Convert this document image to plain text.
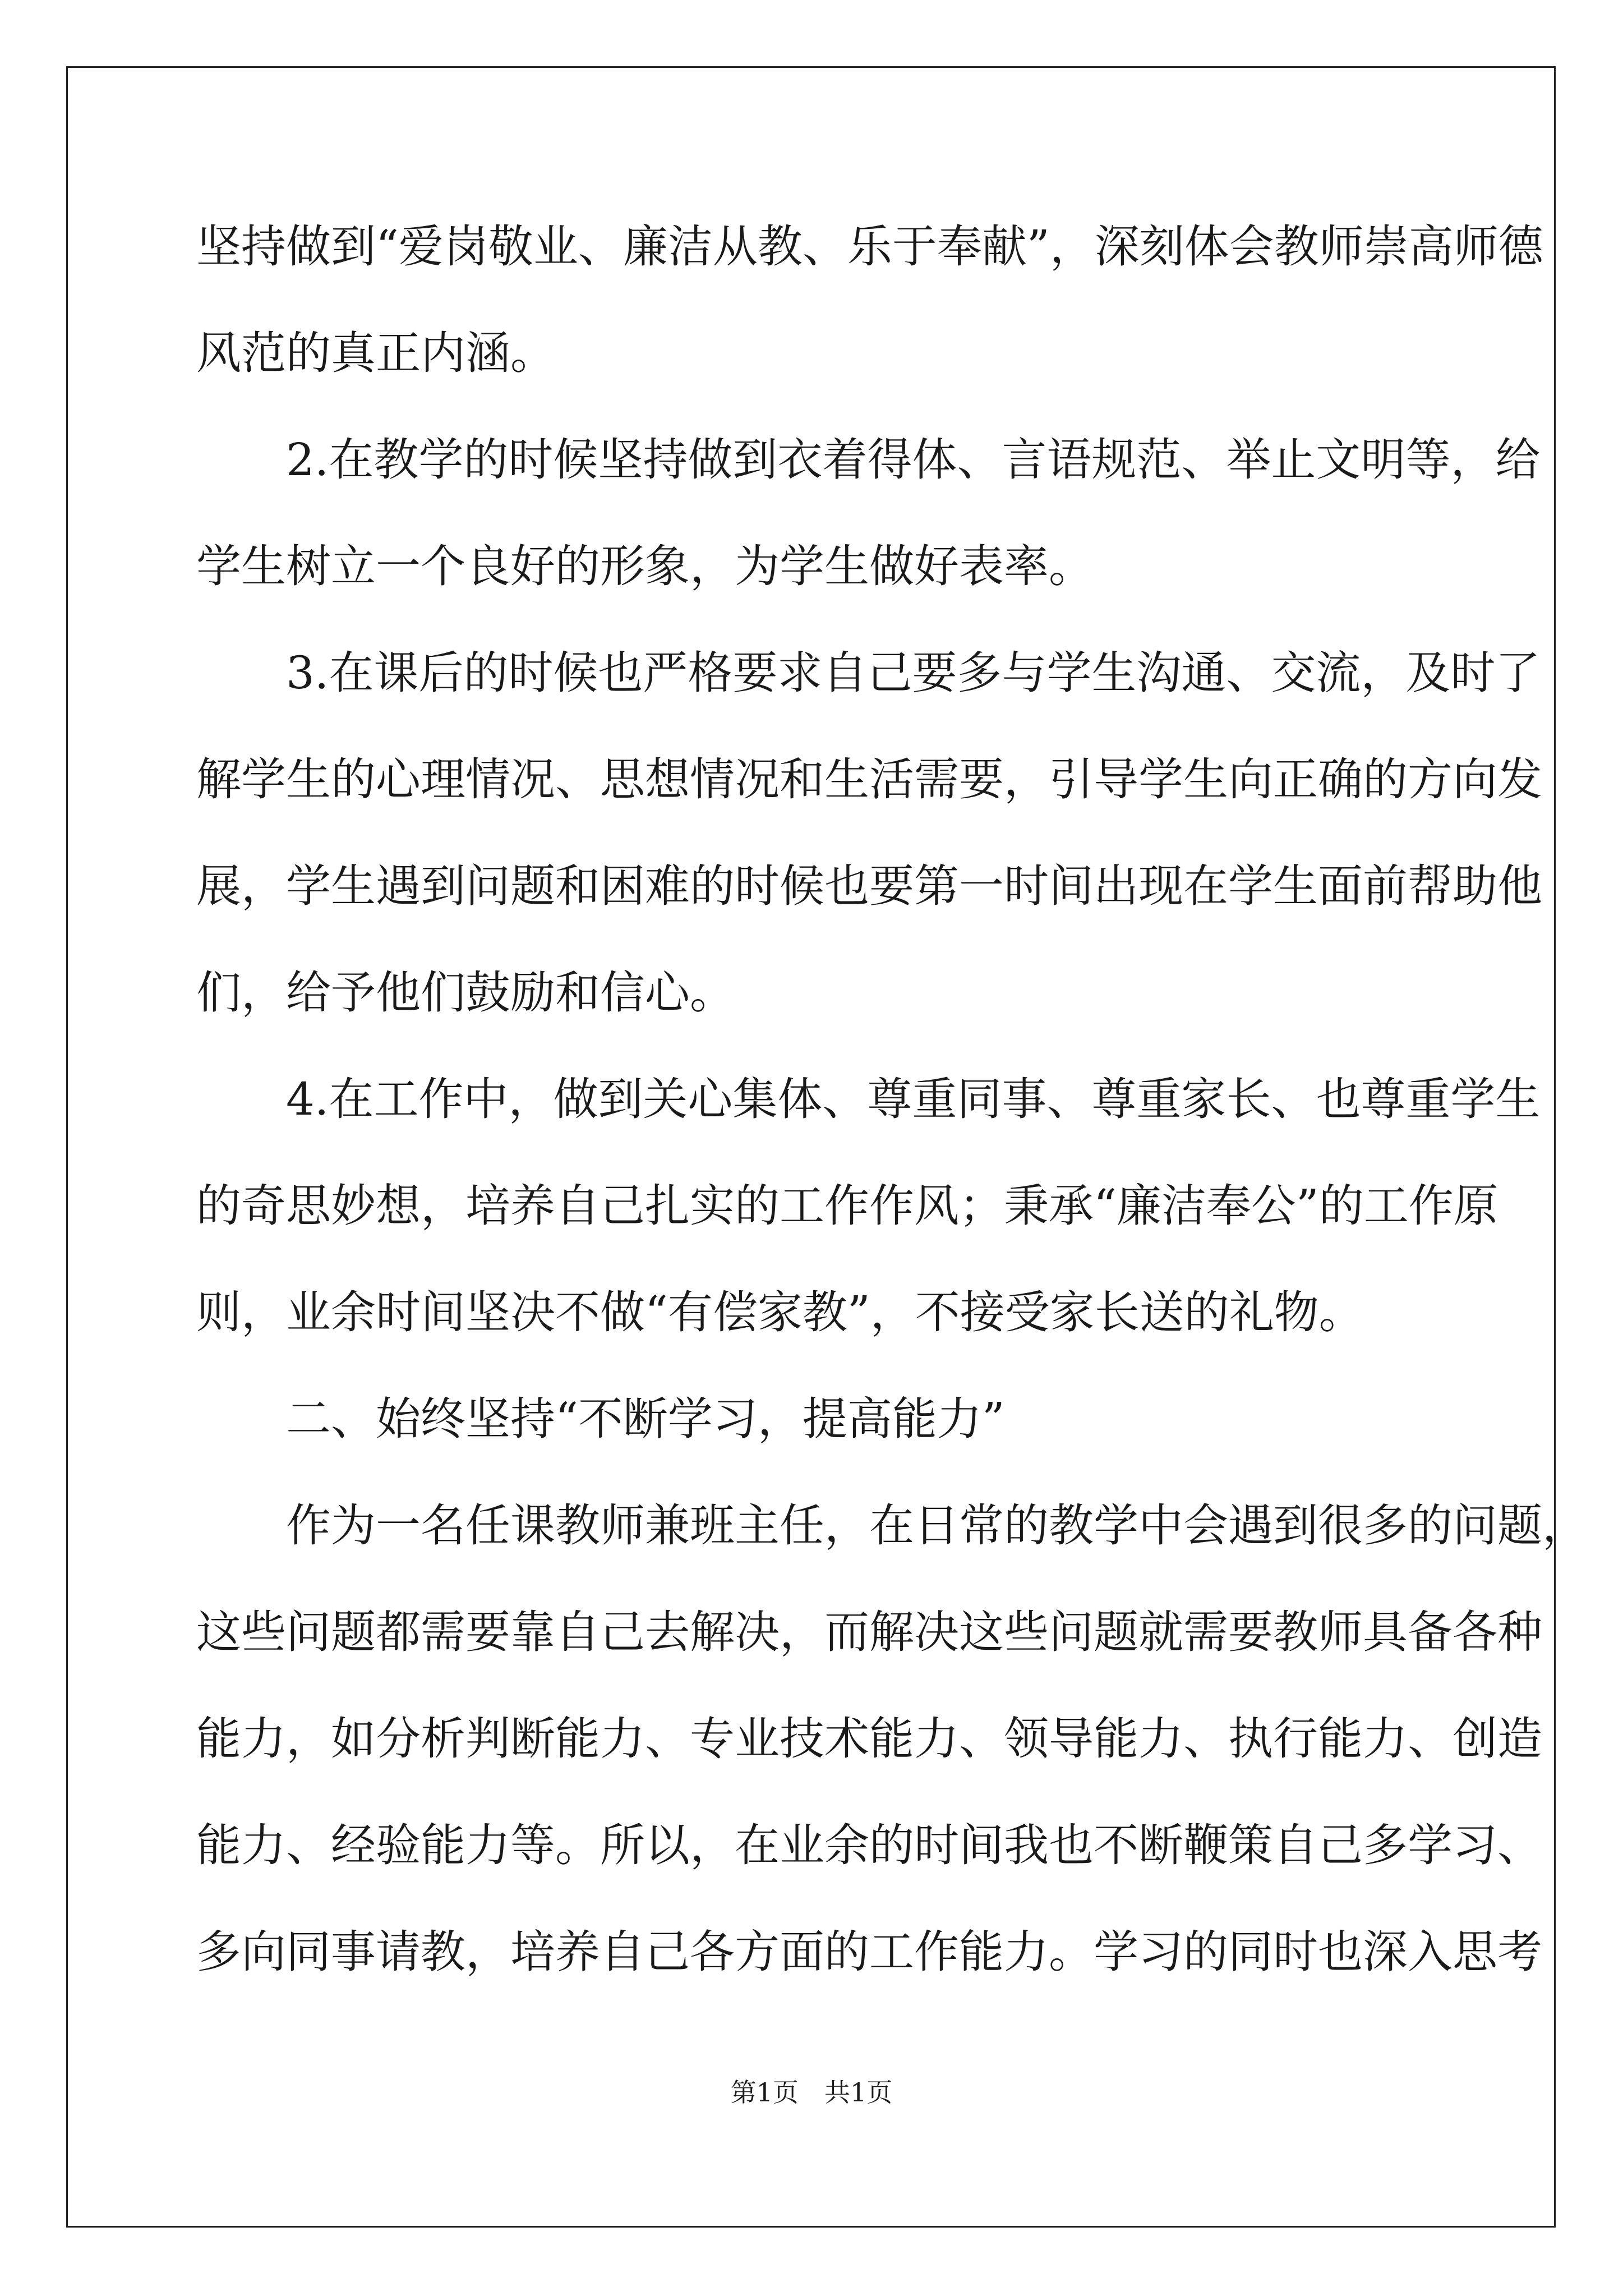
坚持做到“爱岗敬业、廉洁从教、乐于奉献”，深刻体会教师崇高师德
风范的真正内涵。
　　2.在教学的时候坚持做到衣着得体、言语规范、举止文明等，给
学生树立一个良好的形象，为学生做好表率。
　　3.在课后的时候也严格要求自己要多与学生沟通、交流，及时了
解学生的心理情况、思想情况和生活需要，引导学生向正确的方向发
展，学生遇到问题和困难的时候也要第一时间出现在学生面前帮助他
们，给予他们鼓励和信心。
　　4.在工作中，做到关心集体、尊重同事、尊重家长、也尊重学生
的奇思妙想，培养自己扎实的工作作风；秉承“廉洁奉公”的工作原
则，业余时间坚决不做“有偿家教”，不接受家长送的礼物。
　　二、始终坚持“不断学习，提高能力”
　　作为一名任课教师兼班主任，在日常的教学中会遇到很多的问题，
这些问题都需要靠自己去解决，而解决这些问题就需要教师具备各种
能力，如分析判断能力、专业技术能力、领导能力、执行能力、创造
能力、经验能力等。所以，在业余的时间我也不断鞭策自己多学习、
多向同事请教，培养自己各方面的工作能力。学习的同时也深入思考
第1页 共1页
